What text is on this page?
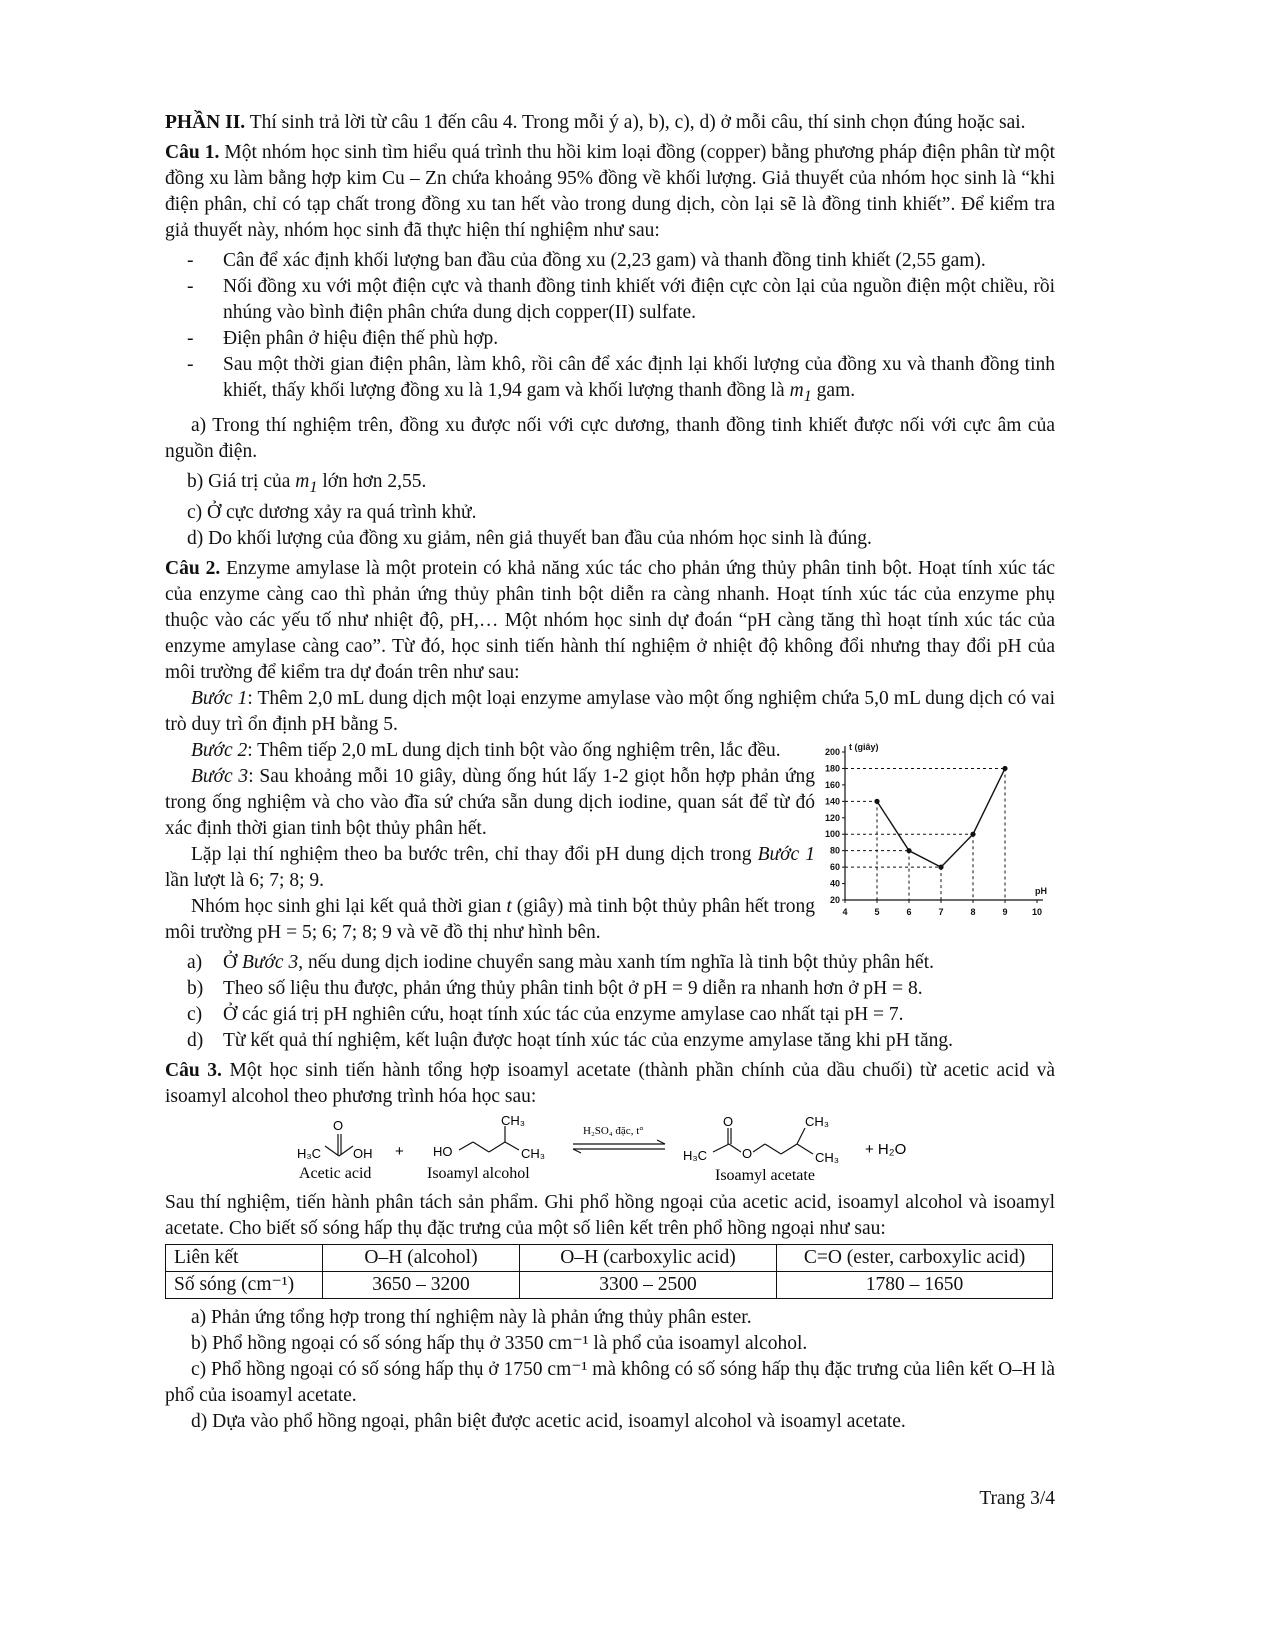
PHẦN II. Thí sinh trả lời từ câu 1 đến câu 4. Trong mỗi ý a), b), c), d) ở mỗi câu, thí sinh chọn đúng hoặc sai.

Câu 1. Một nhóm học sinh tìm hiểu quá trình thu hồi kim loại đồng (copper) bằng phương pháp điện phân từ một đồng xu làm bằng hợp kim Cu – Zn chứa khoảng 95% đồng về khối lượng. Giả thuyết của nhóm học sinh là “khi điện phân, chỉ có tạp chất trong đồng xu tan hết vào trong dung dịch, còn lại sẽ là đồng tinh khiết”. Để kiểm tra giả thuyết này, nhóm học sinh đã thực hiện thí nghiệm như sau:

-	Cân để xác định khối lượng ban đầu của đồng xu (2,23 gam) và thanh đồng tinh khiết (2,55 gam).
-	Nối đồng xu với một điện cực và thanh đồng tinh khiết với điện cực còn lại của nguồn điện một chiều, rồi nhúng vào bình điện phân chứa dung dịch copper(II) sulfate.
-	Điện phân ở hiệu điện thế phù hợp.
-	Sau một thời gian điện phân, làm khô, rồi cân để xác định lại khối lượng của đồng xu và thanh đồng tinh khiết, thấy khối lượng đồng xu là 1,94 gam và khối lượng thanh đồng là $m_1$ gam.

a) Trong thí nghiệm trên, đồng xu được nối với cực dương, thanh đồng tinh khiết được nối với cực âm của nguồn điện.

b) Giá trị của $m_1$ lớn hơn 2,55.

c) Ở cực dương xảy ra quá trình khử.

d) Do khối lượng của đồng xu giảm, nên giả thuyết ban đầu của nhóm học sinh là đúng.

Câu 2. Enzyme amylase là một protein có khả năng xúc tác cho phản ứng thủy phân tinh bột. Hoạt tính xúc tác của enzyme càng cao thì phản ứng thủy phân tinh bột diễn ra càng nhanh. Hoạt tính xúc tác của enzyme phụ thuộc vào các yếu tố như nhiệt độ, pH,… Một nhóm học sinh dự đoán “pH càng tăng thì hoạt tính xúc tác của enzyme amylase càng cao”. Từ đó, học sinh tiến hành thí nghiệm ở nhiệt độ không đổi nhưng thay đổi pH của môi trường để kiểm tra dự đoán trên như sau:

Bước 1: Thêm 2,0 mL dung dịch một loại enzyme amylase vào một ống nghiệm chứa 5,0 mL dung dịch có vai trò duy trì ổn định pH bằng 5.

Bước 2: Thêm tiếp 2,0 mL dung dịch tinh bột vào ống nghiệm trên, lắc đều.

Bước 3: Sau khoảng mỗi 10 giây, dùng ống hút lấy 1-2 giọt hỗn hợp phản ứng trong ống nghiệm và cho vào đĩa sứ chứa sẵn dung dịch iodine, quan sát để từ đó xác định thời gian tinh bột thủy phân hết.

Lặp lại thí nghiệm theo ba bước trên, chỉ thay đổi pH dung dịch trong Bước 1 lần lượt là 6; 7; 8; 9.

Nhóm học sinh ghi lại kết quả thời gian t (giây) mà tinh bột thủy phân hết trong môi trường pH = 5; 6; 7; 8; 9 và vẽ đồ thị như hình bên.

20
40
60
80
100
120
140
160
180
200
4	5	6	7	8	9	10
t (giây)
pH
a)	Ở Bước 3, nếu dung dịch iodine chuyển sang màu xanh tím nghĩa là tinh bột thủy phân hết.
b)	Theo số liệu thu được, phản ứng thủy phân tinh bột ở pH = 9 diễn ra nhanh hơn ở pH = 8.
c)	Ở các giá trị pH nghiên cứu, hoạt tính xúc tác của enzyme amylase cao nhất tại pH = 7.
d)	Từ kết quả thí nghiệm, kết luận được hoạt tính xúc tác của enzyme amylase tăng khi pH tăng.

Câu 3. Một học sinh tiến hành tổng hợp isoamyl acetate (thành phần chính của dầu chuối) từ acetic acid và isoamyl alcohol theo phương trình hóa học sau:

O
H₃C OH
Acetic acid
+ HO
CH₃
CH₃
Isoamyl alcohol
H₂SO₄ đặc, t°
O
H₃C	O
CH₃
CH₃
Isoamyl acetate
+ H₂O

Sau thí nghiệm, tiến hành phân tách sản phẩm. Ghi phổ hồng ngoại của acetic acid, isoamyl alcohol và isoamyl acetate. Cho biết số sóng hấp thụ đặc trưng của một số liên kết trên phổ hồng ngoại như sau:

Liên kết	O–H (alcohol)	O–H (carboxylic acid)	C=O (ester, carboxylic acid)
Số sóng (cm⁻¹)	3650 – 3200	3300 – 2500	1780 – 1650

a) Phản ứng tổng hợp trong thí nghiệm này là phản ứng thủy phân ester.

b) Phổ hồng ngoại có số sóng hấp thụ ở 3350 cm⁻¹ là phổ của isoamyl alcohol.

c) Phổ hồng ngoại có số sóng hấp thụ ở 1750 cm⁻¹ mà không có số sóng hấp thụ đặc trưng của liên kết O–H là phổ của isoamyl acetate.

d) Dựa vào phổ hồng ngoại, phân biệt được acetic acid, isoamyl alcohol và isoamyl acetate.

Trang 3/4
